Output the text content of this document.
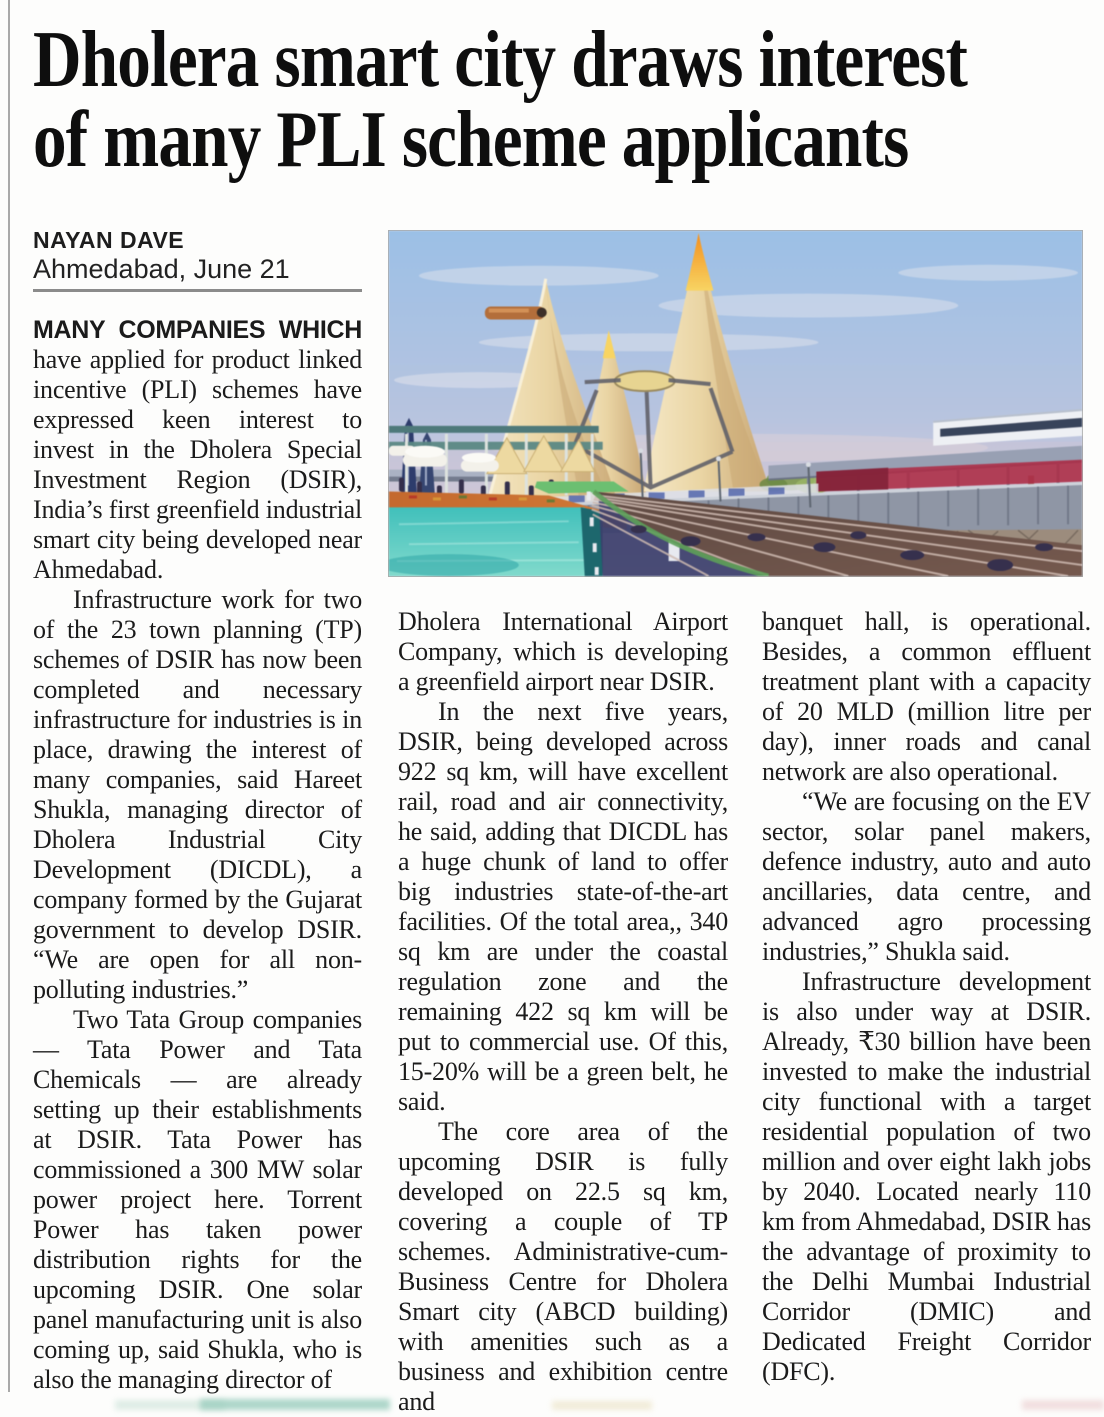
Dholera smart city draws interest
of many PLI scheme applicants
NAYAN DAVE
Ahmedabad, June 21

MANY COMPANIES WHICH have applied for product linked incentive (PLI) schemes have expressed keen interest to invest in the Dholera Special Investment Region (DSIR), India’s first greenfield industrial smart city being developed near Ahmedabad.

Infrastructure work for two of the 23 town planning (TP) schemes of DSIR has now been completed and necessary infrastructure for industries is in place, drawing the interest of many companies, said Hareet Shukla, managing director of Dholera Industrial City Development (DICDL), a company formed by the Gujarat government to develop DSIR. “We are open for all non-polluting industries.”

Two Tata Group companies — Tata Power and Tata Chemicals — are already setting up their establishments at DSIR. Tata Power has commissioned a 300 MW solar power project here. Torrent Power has taken power distribution rights for the upcoming DSIR. One solar panel manufacturing unit is also coming up, said Shukla, who is also the managing director of

Dholera International Airport Company, which is developing a greenfield airport near DSIR.

In the next five years, DSIR, being developed across 922 sq km, will have excellent rail, road and air connectivity, he said, adding that DICDL has a huge chunk of land to offer big industries state-of-the-art facilities. Of the total area,, 340 sq km are under the coastal regulation zone and the remaining 422 sq km will be put to commercial use. Of this, 15-20% will be a green belt, he said.

The core area of the upcoming DSIR is fully developed on 22.5 sq km, covering a couple of TP schemes. Administrative-cum-Business Centre for Dholera Smart city (ABCD building) with amenities such as a business and exhibition centre and

banquet hall, is operational. Besides, a common effluent treatment plant with a capacity of 20 MLD (million litre per day), inner roads and canal network are also operational.

“We are focusing on the EV sector, solar panel makers, defence industry, auto and auto ancillaries, data centre, and advanced agro processing industries,” Shukla said.

Infrastructure development is also under way at DSIR. Already, ₹30 billion have been invested to make the industrial city functional with a target residential population of two million and over eight lakh jobs by 2040. Located nearly 110 km from Ahmedabad, DSIR has the advantage of proximity to the Delhi Mumbai Industrial Corridor (DMIC) and Dedicated Freight Corridor (DFC).
